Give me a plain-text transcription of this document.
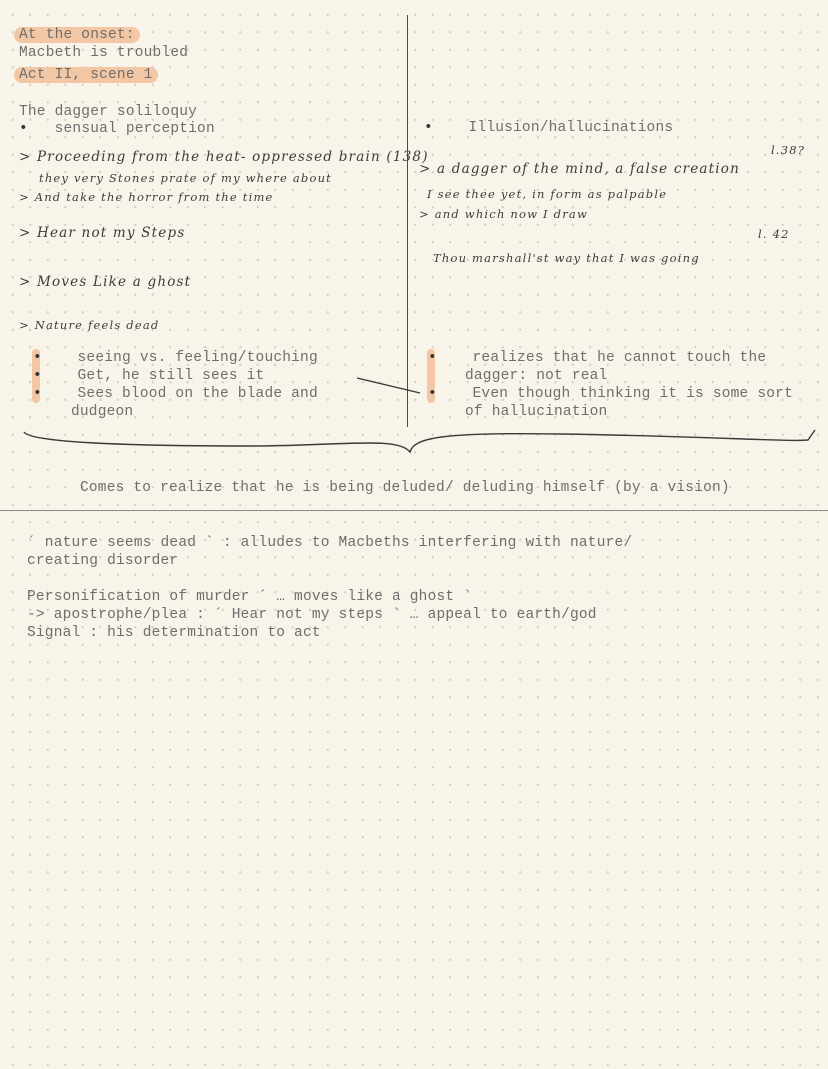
At the onset:
Macbeth is troubled
Act II, scene 1
The dagger soliloquy
• sensual perception
> Proceeding from the heat- oppressed brain (138)
they very Stones prate of my where about
> And take the horror from the time
> Hear not my Steps
> Moves Like a ghost
> Nature feels dead
• seeing vs. feeling/touching
• Get, he still sees it
• Sees blood on the blade and
dudgeon
• Illusion/hallucinations
l.38?
> a dagger of the mind, a false creation
I see thee yet, in form as palpable
> and which now I draw
l. 42
Thou marshall'st way that I was going
• realizes that he cannot touch the
dagger: not real
• Even though thinking it is some sort
of hallucination
Comes to realize that he is being deluded/ deluding himself (by a vision)
´ nature seems dead ` : alludes to Macbeths interfering with nature/
creating disorder
Personification of murder ´ … moves like a ghost `
-> apostrophe/plea : ´ Hear not my steps ` … appeal to earth/god
Signal : his determination to act
